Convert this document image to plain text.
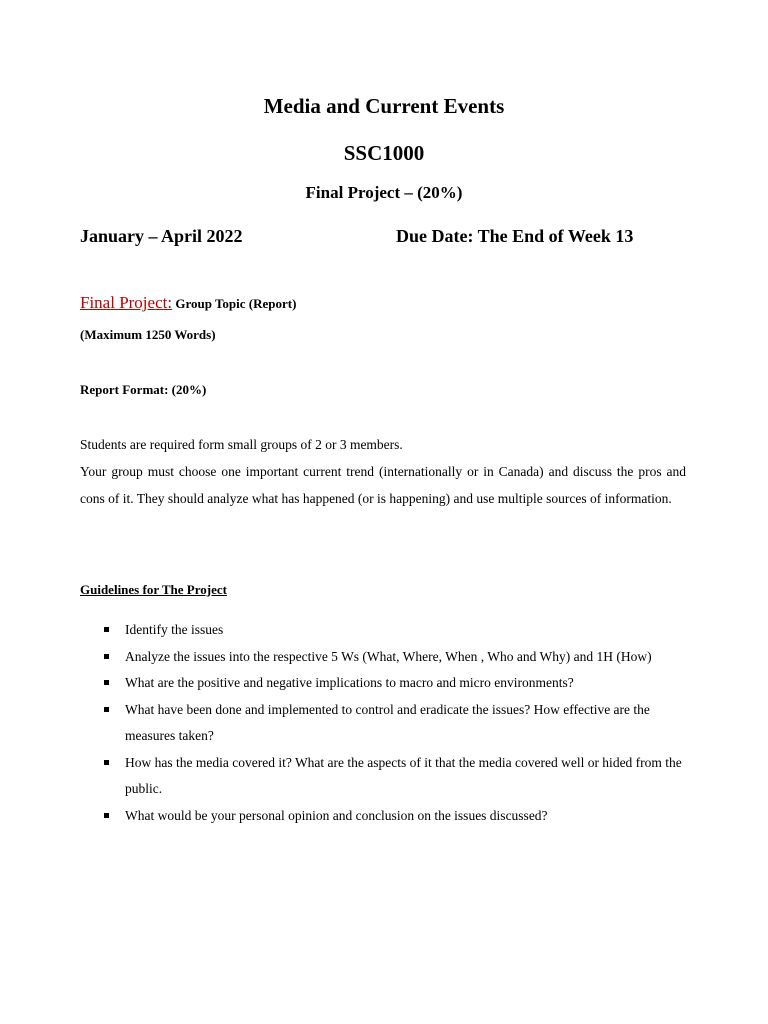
Media and Current Events
SSC1000
Final Project – (20%)
January – April 2022	Due Date: The End of Week 13
Final Project: Group Topic (Report)
(Maximum 1250 Words)
Report Format: (20%)

Students are required form small groups of 2 or 3 members.

Your group must choose one important current trend (internationally or in Canada) and discuss the pros and cons of it. They should analyze what has happened (or is happening) and use multiple sources of information.

Guidelines for The Project
Identify the issues
Analyze the issues into the respective 5 Ws (What, Where, When , Who and Why) and 1H (How)
What are the positive and negative implications to macro and micro environments?
What have been done and implemented to control and eradicate the issues? How effective are the measures taken?
How has the media covered it? What are the aspects of it that the media covered well or hided from the public.
What would be your personal opinion and conclusion on the issues discussed?
